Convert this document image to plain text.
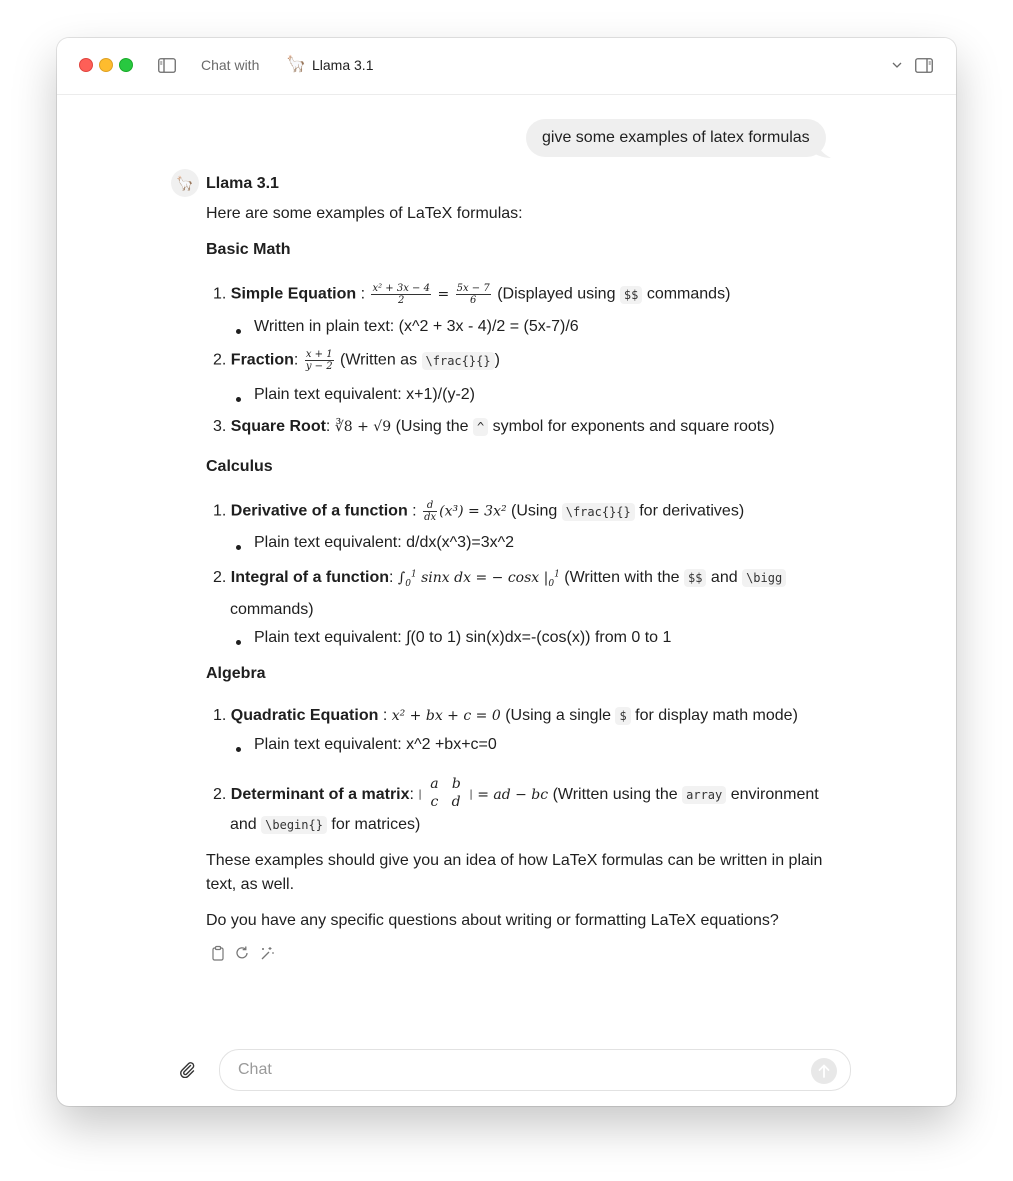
Chat with 🦙 Llama 3.1
give some examples of latex formulas
🦙 Llama 3.1
Here are some examples of LaTeX formulas:
Basic Math
1. Simple Equation : $\frac{\text{x² + 3x − 4}}{2} = \frac{5x - 7}{6}$ (Displayed using $$ commands)
Written in plain text: (x^2 + 3x - 4)/2 = (5x-7)/6
2. Fraction: $\frac{x + 1}{y - 2}$ (Written as \frac{}{} )
Plain text equivalent: x+1)/(y-2)
3. Square Root: ∛8 + √9 (Using the ^ symbol for exponents and square roots)
Calculus
1. Derivative of a function : $\frac{d}{dx} (x^3) = 3x^2$ (Using \frac{}{} for derivatives)
Plain text equivalent: d/dx(x^3)=3x^2
2. Integral of a function: $\int_0^1$ sinx dx = − cosx $|_0^1$ (Written with the $$ and \bigg
commands)
Plain text equivalent: ∫(0 to 1) sin(x)dx=-(cos(x)) from 0 to 1
Algebra
1. Quadratic Equation : x² + bx + c = 0 (Using a single $ for display math mode)
Plain text equivalent: x^2 +bx+c=0
2. Determinant of a matrix: | a   b
c   d | = ad − bc (Written using the array environment
and \begin{} for matrices)
These examples should give you an idea of how LaTeX formulas can be written in plain
text, as well.
Do you have any specific questions about writing or formatting LaTeX equations?
Chat
